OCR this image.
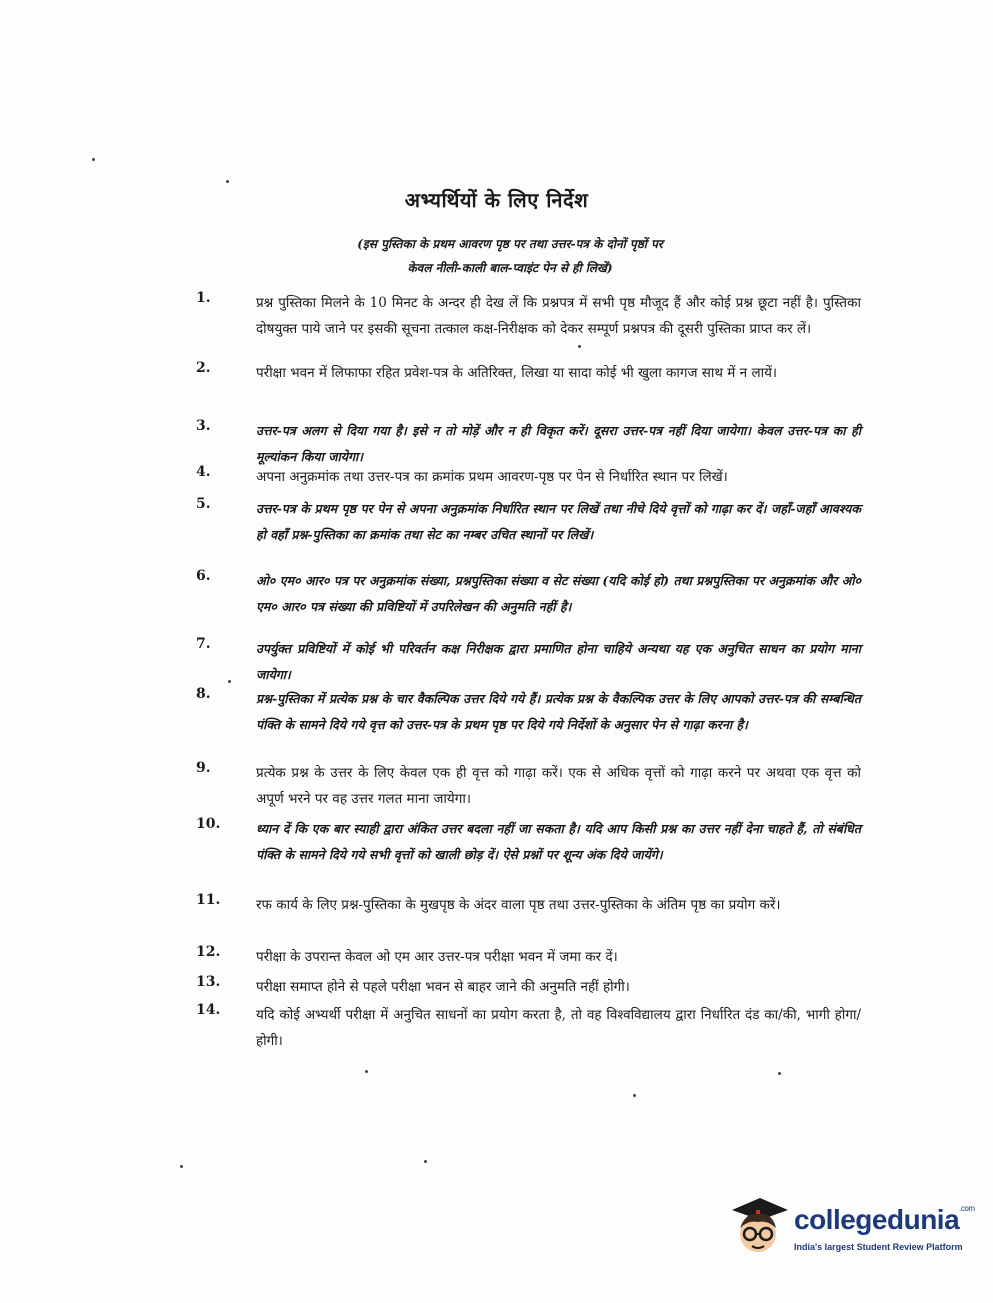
अभ्यर्थियों के लिए निर्देश
(इस पुस्तिका के प्रथम आवरण पृष्ठ पर तथा उत्तर-पत्र के दोनों पृष्ठों पर
केवल नीली-काली बाल-प्वाइंट पेन से ही लिखें)
1.	प्रश्न पुस्तिका मिलने के 10 मिनट के अन्दर ही देख लें कि प्रश्नपत्र में सभी पृष्ठ मौजूद हैं और कोई प्रश्न छूटा नहीं है। पुस्तिका दोषयुक्त पाये जाने पर इसकी सूचना तत्काल कक्ष-निरीक्षक को देकर सम्पूर्ण प्रश्नपत्र की दूसरी पुस्तिका प्राप्त कर लें।
2.	परीक्षा भवन में लिफाफा रहित प्रवेश-पत्र के अतिरिक्त, लिखा या सादा कोई भी खुला कागज साथ में न लायें।
3.	उत्तर-पत्र अलग से दिया गया है। इसे न तो मोड़ें और न ही विकृत करें। दूसरा उत्तर-पत्र नहीं दिया जायेगा। केवल उत्तर-पत्र का ही मूल्यांकन किया जायेगा।
4.	अपना अनुक्रमांक तथा उत्तर-पत्र का क्रमांक प्रथम आवरण-पृष्ठ पर पेन से निर्धारित स्थान पर लिखें।
5.	उत्तर-पत्र के प्रथम पृष्ठ पर पेन से अपना अनुक्रमांक निर्धारित स्थान पर लिखें तथा नीचे दिये वृत्तों को गाढ़ा कर दें। जहाँ-जहाँ आवश्यक हो वहाँ प्रश्न-पुस्तिका का क्रमांक तथा सेट का नम्बर उचित स्थानों पर लिखें।
6.	ओ० एम० आर० पत्र पर अनुक्रमांक संख्या, प्रश्नपुस्तिका संख्या व सेट संख्या (यदि कोई हो) तथा प्रश्नपुस्तिका पर अनुक्रमांक और ओ० एम० आर० पत्र संख्या की प्रविष्टियों में उपरिलेखन की अनुमति नहीं है।
7.	उपर्युक्त प्रविष्टियों में कोई भी परिवर्तन कक्ष निरीक्षक द्वारा प्रमाणित होना चाहिये अन्यथा यह एक अनुचित साधन का प्रयोग माना जायेगा।
8.	प्रश्न-पुस्तिका में प्रत्येक प्रश्न के चार वैकल्पिक उत्तर दिये गये हैं। प्रत्येक प्रश्न के वैकल्पिक उत्तर के लिए आपको उत्तर-पत्र की सम्बन्धित पंक्ति के सामने दिये गये वृत्त को उत्तर-पत्र के प्रथम पृष्ठ पर दिये गये निर्देशों के अनुसार पेन से गाढ़ा करना है।
9.	प्रत्येक प्रश्न के उत्तर के लिए केवल एक ही वृत्त को गाढ़ा करें। एक से अधिक वृत्तों को गाढ़ा करने पर अथवा एक वृत्त को अपूर्ण भरने पर वह उत्तर गलत माना जायेगा।
10.	ध्यान दें कि एक बार स्याही द्वारा अंकित उत्तर बदला नहीं जा सकता है। यदि आप किसी प्रश्न का उत्तर नहीं देना चाहते हैं, तो संबंधित पंक्ति के सामने दिये गये सभी वृत्तों को खाली छोड़ दें। ऐसे प्रश्नों पर शून्य अंक दिये जायेंगे।
11.	रफ कार्य के लिए प्रश्न-पुस्तिका के मुखपृष्ठ के अंदर वाला पृष्ठ तथा उत्तर-पुस्तिका के अंतिम पृष्ठ का प्रयोग करें।
12.	परीक्षा के उपरान्त केवल ओ एम आर उत्तर-पत्र परीक्षा भवन में जमा कर दें।
13.	परीक्षा समाप्त होने से पहले परीक्षा भवन से बाहर जाने की अनुमति नहीं होगी।
14.	यदि कोई अभ्यर्थी परीक्षा में अनुचित साधनों का प्रयोग करता है, तो वह विश्वविद्यालय द्वारा निर्धारित दंड का/की, भागी होगा/होगी।
collegedunia$^{.com}$
India's largest Student Review Platform
